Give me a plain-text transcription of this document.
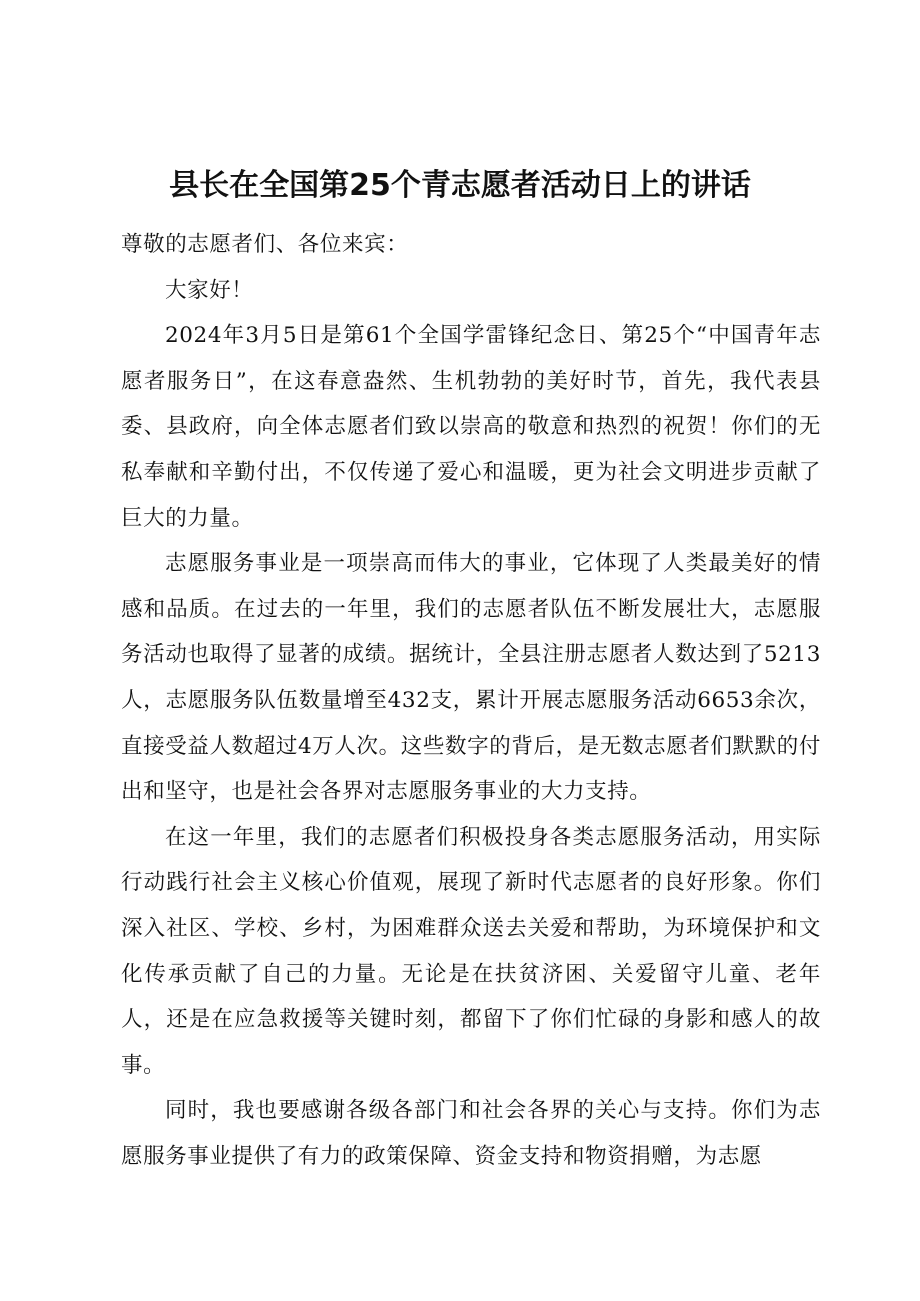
县长在全国第25个青志愿者活动日上的讲话

尊敬的志愿者们、各位来宾：

大家好！

2024年3月5日是第61个全国学雷锋纪念日、第25个“中国青年志愿者服务日”，在这春意盎然、生机勃勃的美好时节，首先，我代表县委、县政府，向全体志愿者们致以崇高的敬意和热烈的祝贺！你们的无私奉献和辛勤付出，不仅传递了爱心和温暖，更为社会文明进步贡献了巨大的力量。

志愿服务事业是一项崇高而伟大的事业，它体现了人类最美好的情感和品质。在过去的一年里，我们的志愿者队伍不断发展壮大，志愿服务活动也取得了显著的成绩。据统计，全县注册志愿者人数达到了5213人，志愿服务队伍数量增至432支，累计开展志愿服务活动6653余次，直接受益人数超过4万人次。这些数字的背后，是无数志愿者们默默的付出和坚守，也是社会各界对志愿服务事业的大力支持。

在这一年里，我们的志愿者们积极投身各类志愿服务活动，用实际行动践行社会主义核心价值观，展现了新时代志愿者的良好形象。你们深入社区、学校、乡村，为困难群众送去关爱和帮助，为环境保护和文化传承贡献了自己的力量。无论是在扶贫济困、关爱留守儿童、老年人，还是在应急救援等关键时刻，都留下了你们忙碌的身影和感人的故事。

同时，我也要感谢各级各部门和社会各界的关心与支持。你们为志愿服务事业提供了有力的政策保障、资金支持和物资捐赠，为志愿
